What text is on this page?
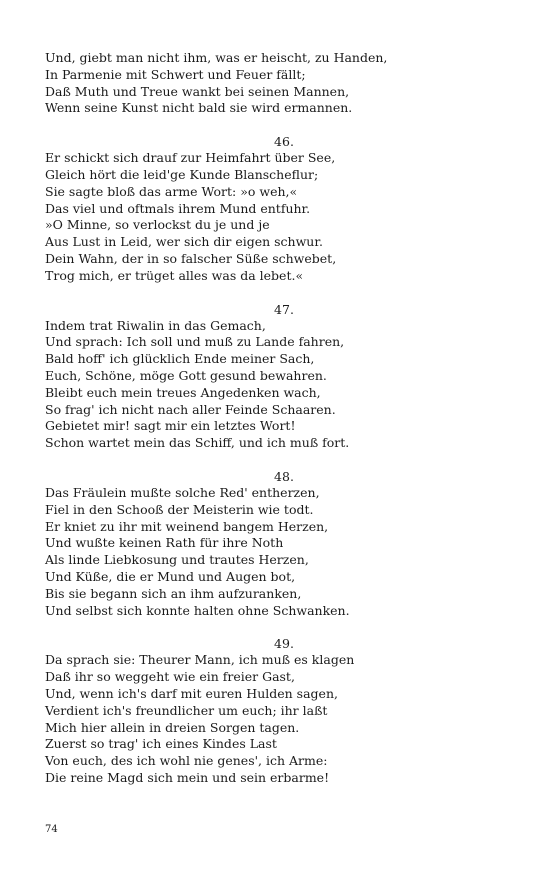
Und, giebt man nicht ihm, was er heischt, zu Handen,
In Parmenie mit Schwert und Feuer fällt;
Daß Muth und Treue wankt bei seinen Mannen,
Wenn seine Kunst nicht bald sie wird ermannen.
46.
Er schickt sich drauf zur Heimfahrt über See,
Gleich hört die leid'ge Kunde Blanscheflur;
Sie sagte bloß das arme Wort: »o weh,«
Das viel und oftmals ihrem Mund entfuhr.
»O Minne, so verlockst du je und je
Aus Lust in Leid, wer sich dir eigen schwur.
Dein Wahn, der in so falscher Süße schwebet,
Trog mich, er trüget alles was da lebet.«
47.
Indem trat Riwalin in das Gemach,
Und sprach: Ich soll und muß zu Lande fahren,
Bald hoff' ich glücklich Ende meiner Sach,
Euch, Schöne, möge Gott gesund bewahren.
Bleibt euch mein treues Angedenken wach,
So frag' ich nicht nach aller Feinde Schaaren.
Gebietet mir! sagt mir ein letztes Wort!
Schon wartet mein das Schiff, und ich muß fort.
48.
Das Fräulein mußte solche Red' entherzen,
Fiel in den Schooß der Meisterin wie todt.
Er kniet zu ihr mit weinend bangem Herzen,
Und wußte keinen Rath für ihre Noth
Als linde Liebkosung und trautes Herzen,
Und Küße, die er Mund und Augen bot,
Bis sie begann sich an ihm aufzuranken,
Und selbst sich konnte halten ohne Schwanken.
49.
Da sprach sie: Theurer Mann, ich muß es klagen
Daß ihr so weggeht wie ein freier Gast,
Und, wenn ich's darf mit euren Hulden sagen,
Verdient ich's freundlicher um euch; ihr laßt
Mich hier allein in dreien Sorgen tagen.
Zuerst so trag' ich eines Kindes Last
Von euch, des ich wohl nie genes', ich Arme:
Die reine Magd sich mein und sein erbarme!
74
